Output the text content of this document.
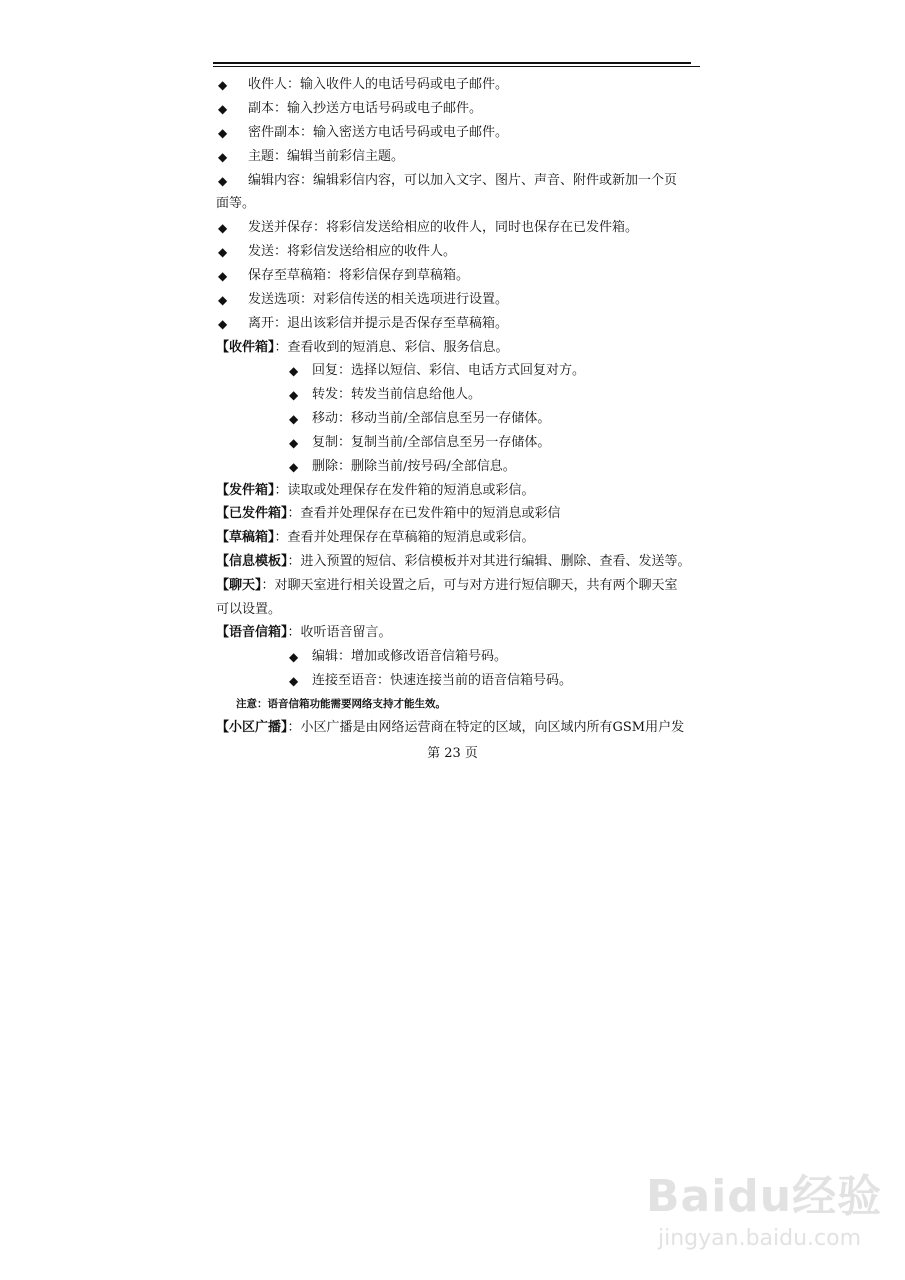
◆ 收件人：输入收件人的电话号码或电子邮件。
◆ 副本：输入抄送方电话号码或电子邮件。
◆ 密件副本：输入密送方电话号码或电子邮件。
◆ 主题：编辑当前彩信主题。
◆ 编辑内容：编辑彩信内容，可以加入文字、图片、声音、附件或新加一个页
面等。
◆ 发送并保存：将彩信发送给相应的收件人，同时也保存在已发件箱。
◆ 发送：将彩信发送给相应的收件人。
◆ 保存至草稿箱：将彩信保存到草稿箱。
◆ 发送选项：对彩信传送的相关选项进行设置。
◆ 离开：退出该彩信并提示是否保存至草稿箱。
【收件箱】：查看收到的短消息、彩信、服务信息。
◆ 回复：选择以短信、彩信、电话方式回复对方。
◆ 转发：转发当前信息给他人。
◆ 移动：移动当前/全部信息至另一存储体。
◆ 复制：复制当前/全部信息至另一存储体。
◆ 删除：删除当前/按号码/全部信息。
【发件箱】：读取或处理保存在发件箱的短消息或彩信。
【已发件箱】：查看并处理保存在已发件箱中的短消息或彩信
【草稿箱】：查看并处理保存在草稿箱的短消息或彩信。
【信息模板】：进入预置的短信、彩信模板并对其进行编辑、删除、查看、发送等。
【聊天】：对聊天室进行相关设置之后，可与对方进行短信聊天，共有两个聊天室
可以设置。
【语音信箱】：收听语音留言。
◆ 编辑：增加或修改语音信箱号码。
◆ 连接至语音：快速连接当前的语音信箱号码。
注意：语音信箱功能需要网络支持才能生效。
【小区广播】：小区广播是由网络运营商在特定的区域，向区域内所有GSM用户发
第 23 页
Baidu经验
jingyan.baidu.com
